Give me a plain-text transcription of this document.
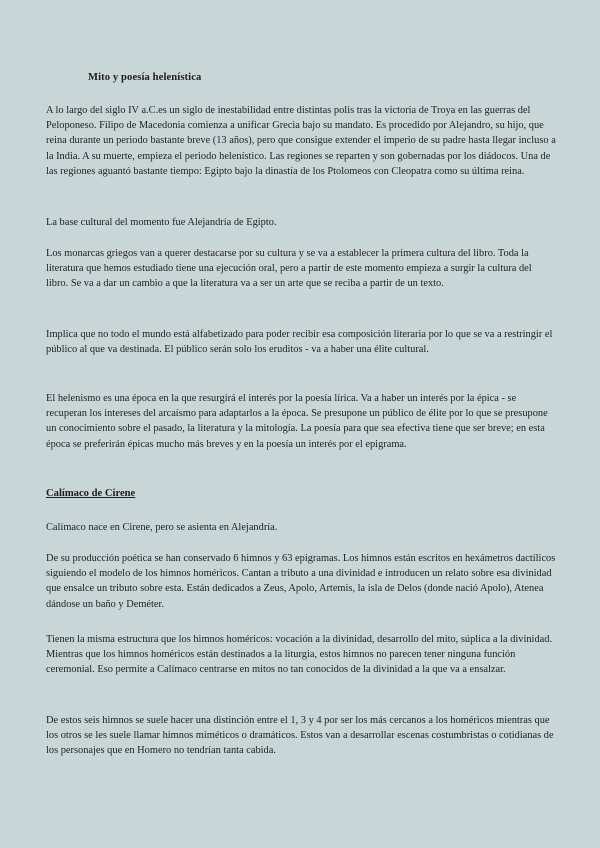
Mito y poesía helenística

A lo largo del siglo IV a.C.es un siglo de inestabilidad entre distintas polis tras la victoria de Troya en las guerras del Peloponeso. Filipo de Macedonia comienza a unificar Grecia bajo su mandato. Es procedido por Alejandro, su hijo, que reina durante un periodo bastante breve (13 años), pero que consigue extender el imperio de su padre hasta llegar incluso a la India. A su muerte, empieza el periodo helenístico. Las regiones se reparten y son gobernadas por los diádocos. Una de las regiones aguantó bastante tiempo: Egipto bajo la dinastía de los Ptolomeos con Cleopatra como su última reina.

La base cultural del momento fue Alejandría de Egipto.

Los monarcas griegos van a querer destacarse por su cultura y se va a establecer la primera cultura del libro. Toda la literatura que hemos estudiado tiene una ejecución oral, pero a partir de este momento empieza a surgir la cultura del libro. Se va a dar un cambio a que la literatura va a ser un arte que se reciba a partir de un texto.

Implica que no todo el mundo está alfabetizado para poder recibir esa composición literaria por lo que se va a restringir el público al que va destinada. El público serán solo los eruditos - va a haber una élite cultural.

El helenismo es una época en la que resurgirá el interés por la poesía lírica. Va a haber un interés por la épica - se recuperan los intereses del arcaísmo para adaptarlos a la época. Se presupone un público de élite por lo que se presupone un conocimiento sobre el pasado, la literatura y la mitología. La poesía para que sea efectiva tiene que ser breve; en esta época se preferirán épicas mucho más breves y en la poesía un interés por el epigrama.

Calímaco de Cirene

Calímaco nace en Cirene, pero se asienta en Alejandría.

De su producción poética se han conservado 6 himnos y 63 epigramas. Los himnos están escritos en hexámetros dactílicos siguiendo el modelo de los himnos homéricos. Cantan a tributo a una divinidad e introducen un relato sobre esa divinidad que ensalce un tributo sobre esta. Están dedicados a Zeus, Apolo, Artemis, la isla de Delos (donde nació Apolo), Atenea dándose un baño y Deméter.

Tienen la misma estructura que los himnos homéricos: vocación a la divinidad, desarrollo del mito, súplica a la divinidad. Mientras que los himnos homéricos están destinados a la liturgia, estos himnos no parecen tener ninguna función ceremonial. Eso permite a Calímaco centrarse en mitos no tan conocidos de la divinidad a la que va a ensalzar.

De estos seis himnos se suele hacer una distinción entre el 1, 3 y 4 por ser los más cercanos a los homéricos mientras que los otros se les suele llamar himnos miméticos o dramáticos. Estos van a desarrollar escenas costumbristas o cotidianas de los personajes que en Homero no tendrían tanta cabida.
